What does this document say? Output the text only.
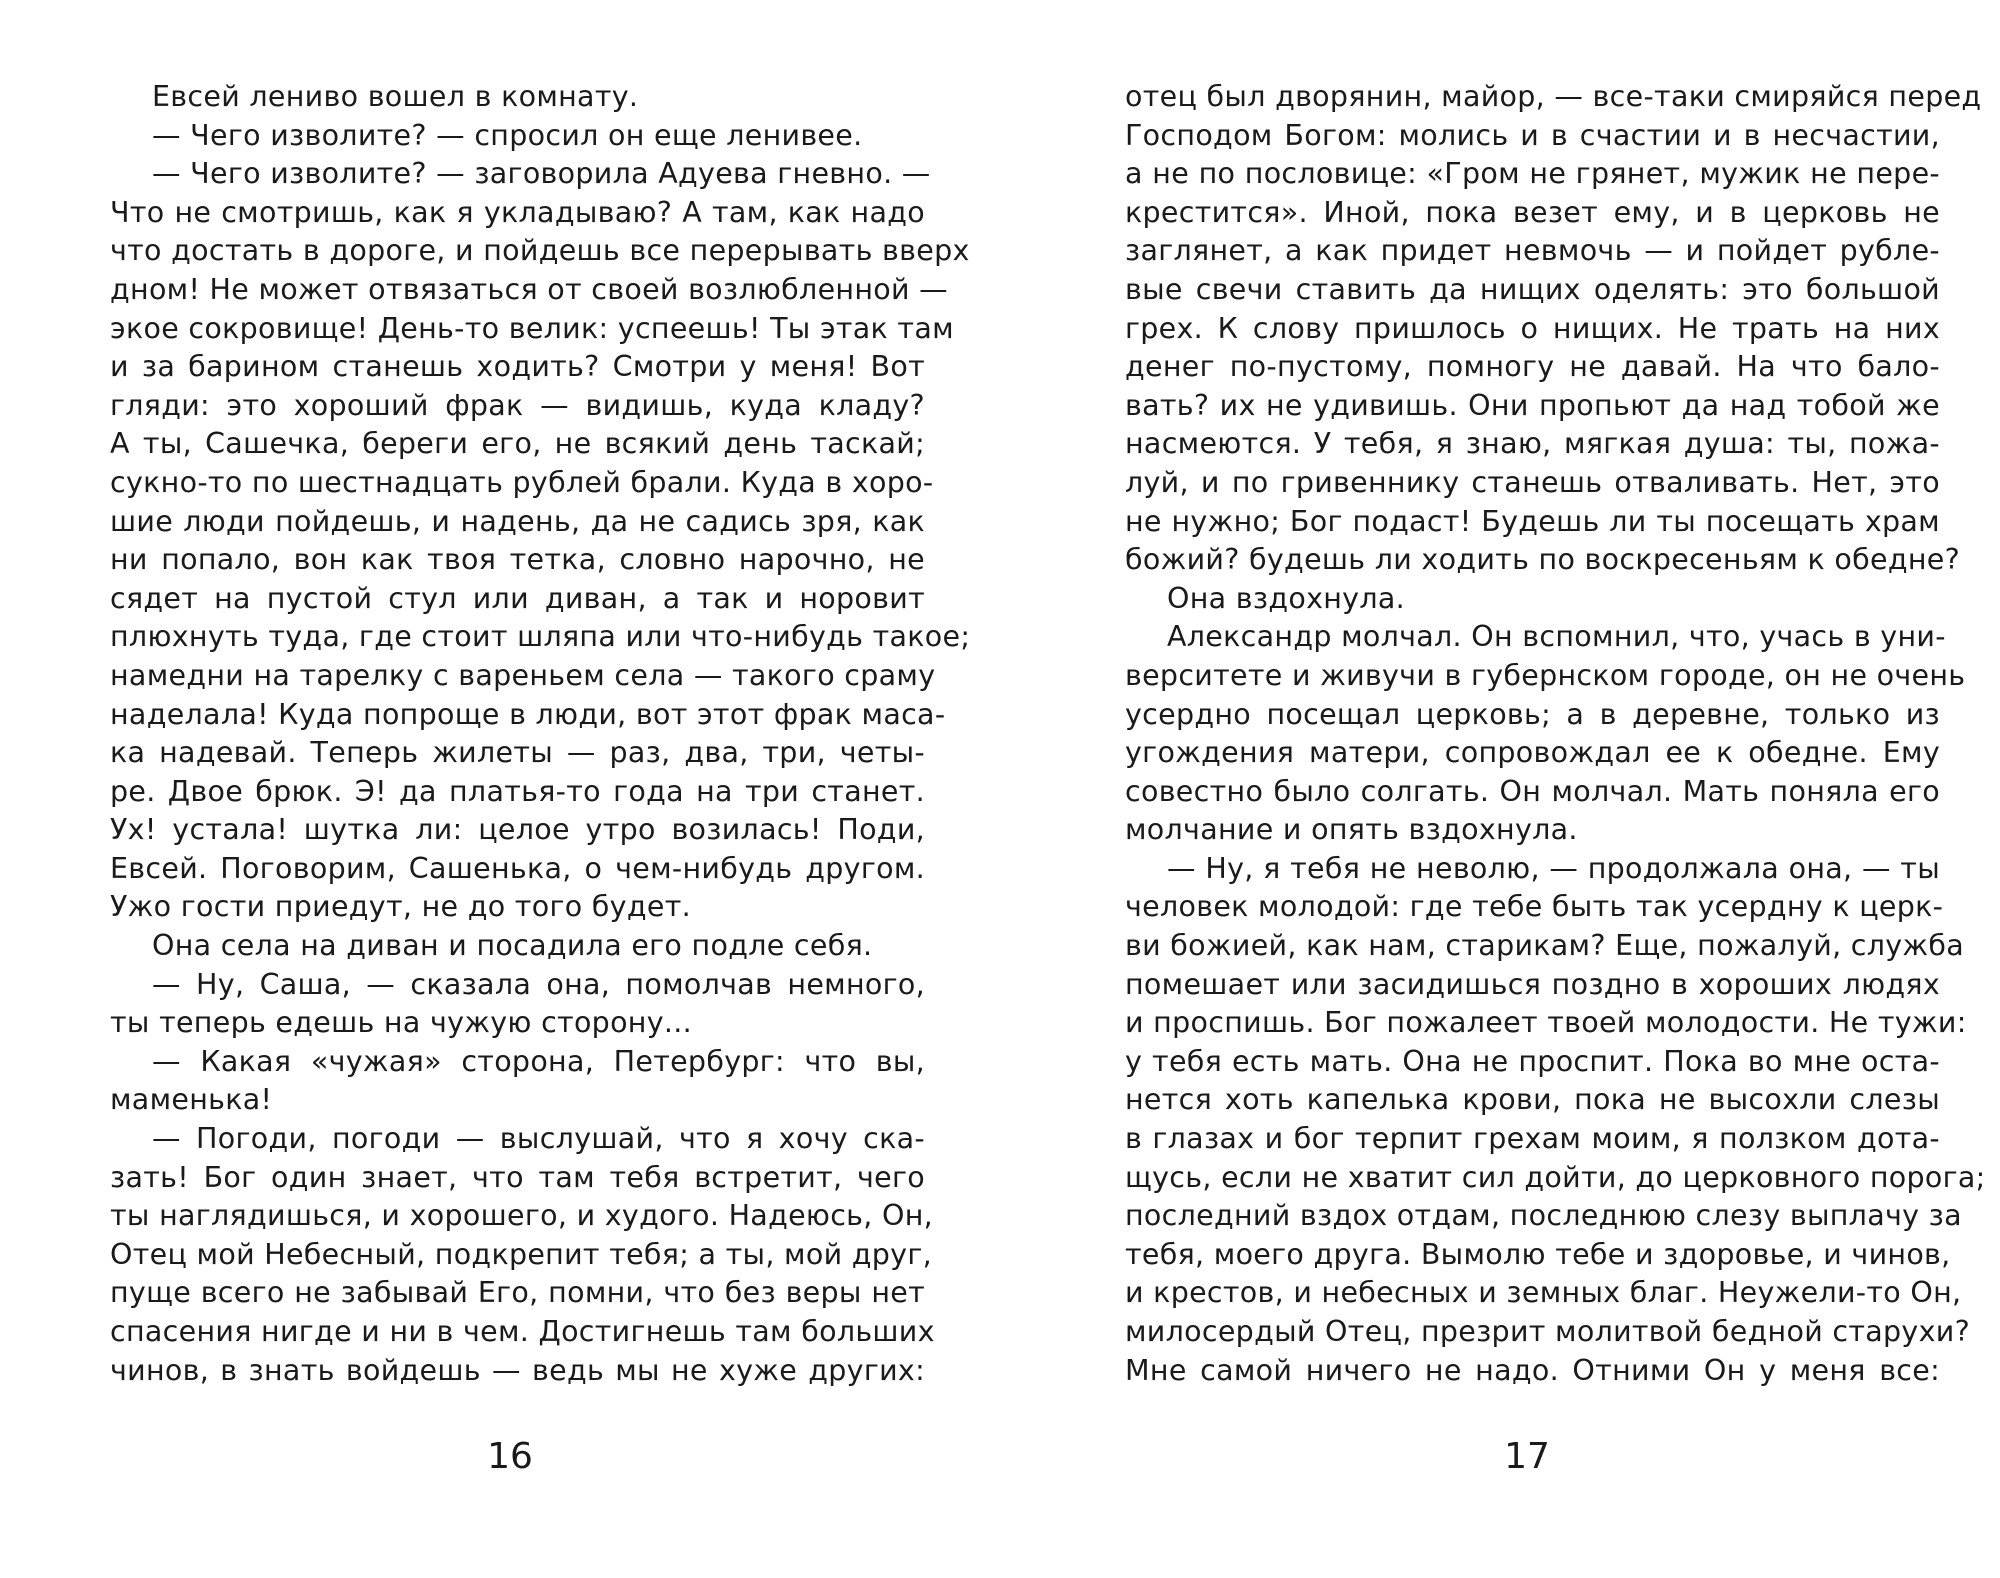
Евсей лениво вошел в комнату.
— Чего изволите? — спросил он еще ленивее.
— Чего изволите? — заговорила Адуева гневно. —
Что не смотришь, как я укладываю? А там, как надо
что достать в дороге, и пойдешь все перерывать вверх
дном! Не может отвязаться от своей возлюбленной —
экое сокровище! День-то велик: успеешь! Ты этак там
и за барином станешь ходить? Смотри у меня! Вот
гляди: это хороший фрак — видишь, куда кладу?
А ты, Сашечка, береги его, не всякий день таскай;
сукно-то по шестнадцать рублей брали. Куда в хоро-
шие люди пойдешь, и надень, да не садись зря, как
ни попало, вон как твоя тетка, словно нарочно, не
сядет на пустой стул или диван, а так и норовит
плюхнуть туда, где стоит шляпа или что-нибудь такое;
намедни на тарелку с вареньем села — такого сраму
наделала! Куда попроще в люди, вот этот фрак маса-
ка надевай. Теперь жилеты — раз, два, три, четы-
ре. Двое брюк. Э! да платья-то года на три станет.
Ух! устала! шутка ли: целое утро возилась! Поди,
Евсей. Поговорим, Сашенька, о чем-нибудь другом.
Ужо гости приедут, не до того будет.
Она села на диван и посадила его подле себя.
— Ну, Саша, — сказала она, помолчав немного,
ты теперь едешь на чужую сторону...
— Какая «чужая» сторона, Петербург: что вы,
маменька!
— Погоди, погоди — выслушай, что я хочу ска-
зать! Бог один знает, что там тебя встретит, чего
ты наглядишься, и хорошего, и худого. Надеюсь, Он,
Отец мой Небесный, подкрепит тебя; а ты, мой друг,
пуще всего не забывай Его, помни, что без веры нет
спасения нигде и ни в чем. Достигнешь там больших
чинов, в знать войдешь — ведь мы не хуже других:
16
отец был дворянин, майор, — все-таки смиряйся перед
Господом Богом: молись и в счастии и в несчастии,
а не по пословице: «Гром не грянет, мужик не пере-
крестится». Иной, пока везет ему, и в церковь не
заглянет, а как придет невмочь — и пойдет рубле-
вые свечи ставить да нищих оделять: это большой
грех. К слову пришлось о нищих. Не трать на них
денег по-пустому, помногу не давай. На что бало-
вать? их не удивишь. Они пропьют да над тобой же
насмеются. У тебя, я знаю, мягкая душа: ты, пожа-
луй, и по гривеннику станешь отваливать. Нет, это
не нужно; Бог подаст! Будешь ли ты посещать храм
божий? будешь ли ходить по воскресеньям к обедне?
Она вздохнула.
Александр молчал. Он вспомнил, что, учась в уни-
верситете и живучи в губернском городе, он не очень
усердно посещал церковь; а в деревне, только из
угождения матери, сопровождал ее к обедне. Ему
совестно было солгать. Он молчал. Мать поняла его
молчание и опять вздохнула.
— Ну, я тебя не неволю, — продолжала она, — ты
человек молодой: где тебе быть так усердну к церк-
ви божией, как нам, старикам? Еще, пожалуй, служба
помешает или засидишься поздно в хороших людях
и проспишь. Бог пожалеет твоей молодости. Не тужи:
у тебя есть мать. Она не проспит. Пока во мне оста-
нется хоть капелька крови, пока не высохли слезы
в глазах и бог терпит грехам моим, я ползком дота-
щусь, если не хватит сил дойти, до церковного порога;
последний вздох отдам, последнюю слезу выплачу за
тебя, моего друга. Вымолю тебе и здоровье, и чинов,
и крестов, и небесных и земных благ. Неужели-то Он,
милосердый Отец, презрит молитвой бедной старухи?
Мне самой ничего не надо. Отними Он у меня все:
17
